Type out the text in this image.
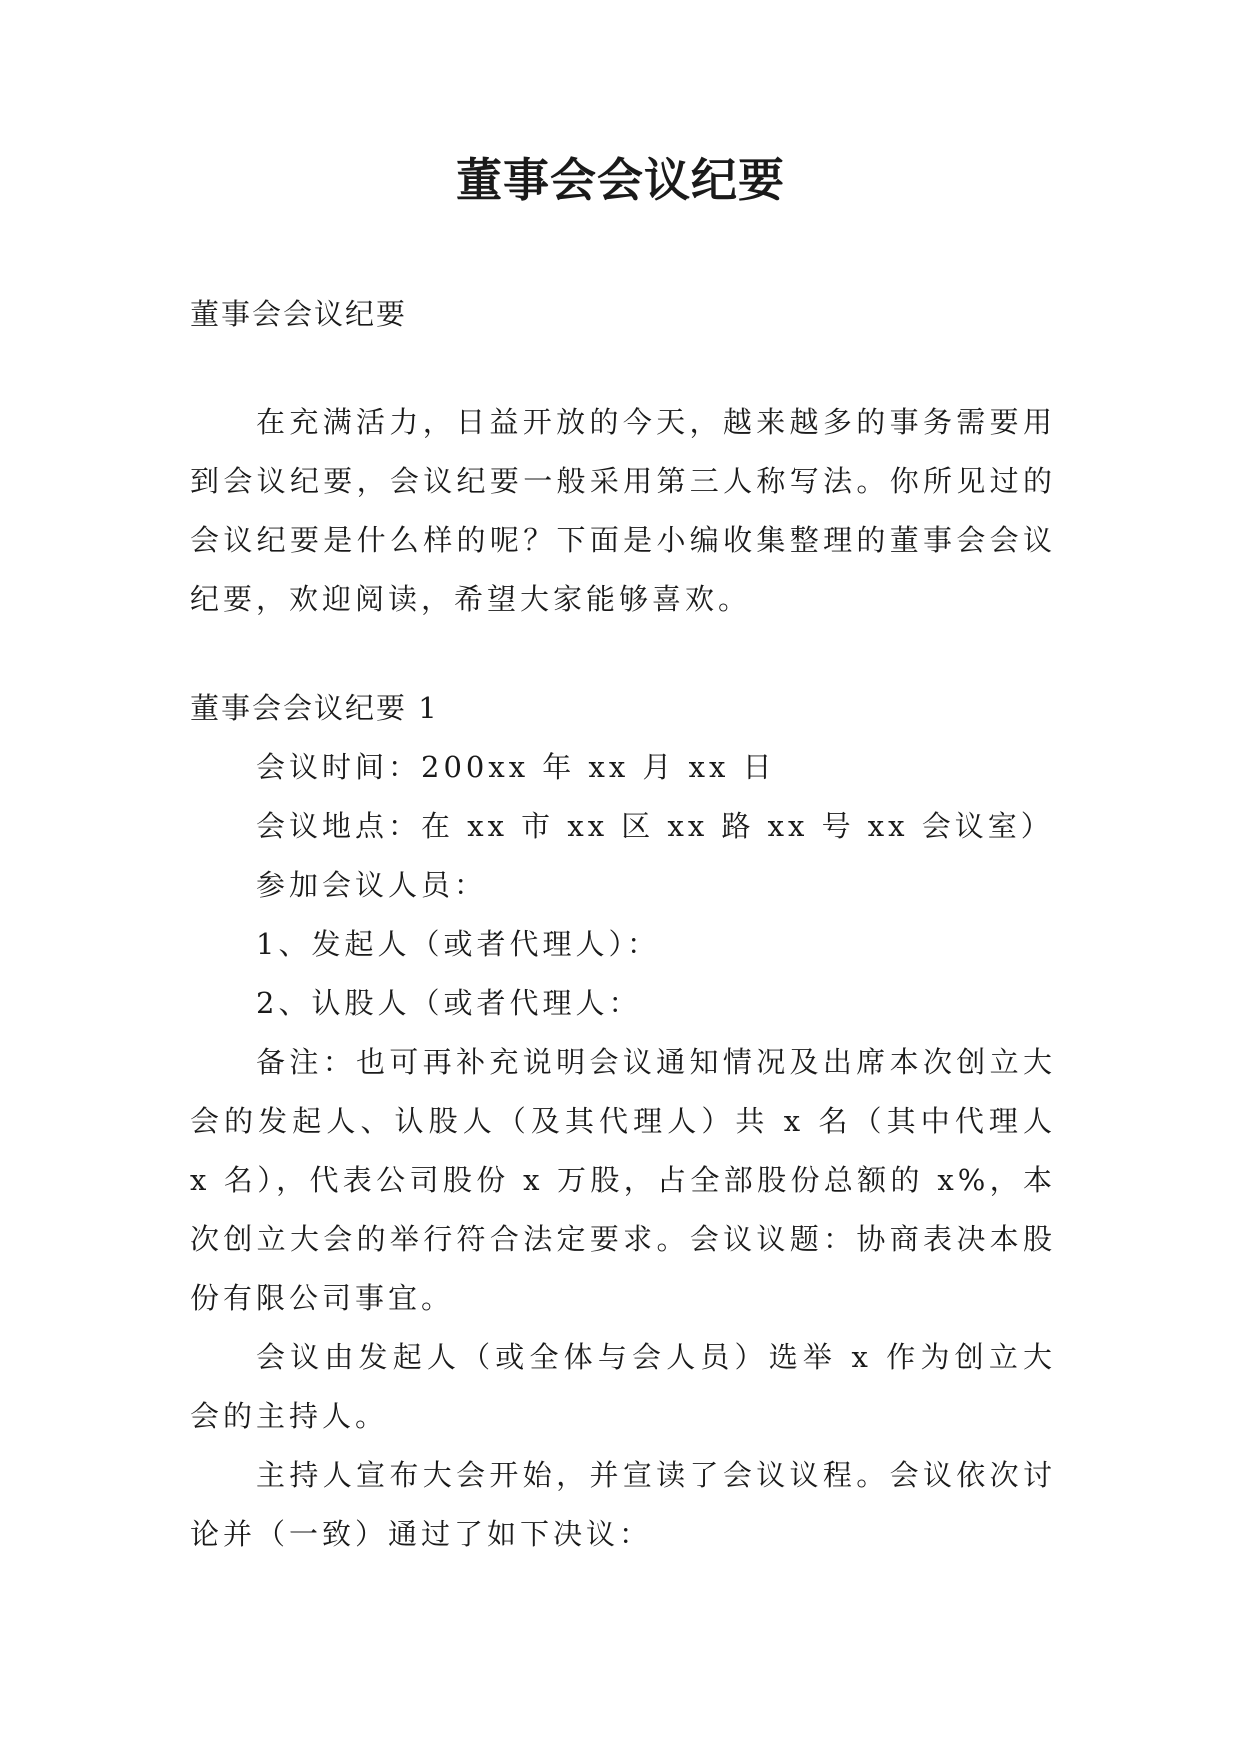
董事会会议纪要

董事会会议纪要

在充满活力，日益开放的今天，越来越多的事务需要用到会议纪要，会议纪要一般采用第三人称写法。你所见过的会议纪要是什么样的呢？下面是小编收集整理的董事会会议纪要，欢迎阅读，希望大家能够喜欢。

董事会会议纪要 1

会议时间：200xx 年 xx 月 xx 日

会议地点：在 xx 市 xx 区 xx 路 xx 号 xx 会议室）

参加会议人员：

1、发起人（或者代理人）：

2、认股人（或者代理人：

备注：也可再补充说明会议通知情况及出席本次创立大会的发起人、认股人（及其代理人）共 x 名（其中代理人 x 名），代表公司股份 x 万股，占全部股份总额的 x%，本次创立大会的举行符合法定要求。会议议题：协商表决本股份有限公司事宜。

会议由发起人（或全体与会人员）选举 x 作为创立大会的主持人。

主持人宣布大会开始，并宣读了会议议程。会议依次讨论并（一致）通过了如下决议：
